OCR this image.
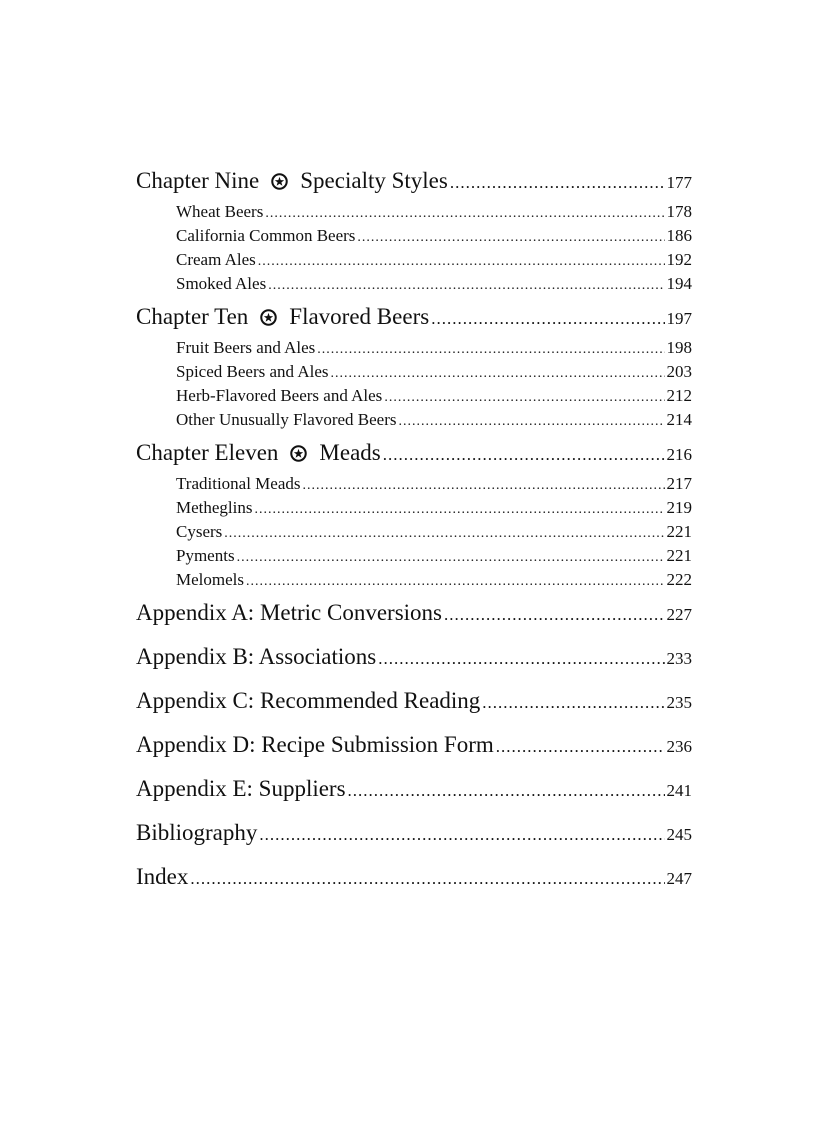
Chapter Nine Specialty Styles .....	177
Wheat Beers .....	178
California Common Beers .....	186
Cream Ales .....	192
Smoked Ales .....	194
Chapter Ten Flavored Beers .....	197
Fruit Beers and Ales .....	198
Spiced Beers and Ales .....	203
Herb-Flavored Beers and Ales .....	212
Other Unusually Flavored Beers .....	214
Chapter Eleven Meads .....	216
Traditional Meads .....	217
Metheglins .....	219
Cysers .....	221
Pyments .....	221
Melomels .....	222
Appendix A: Metric Conversions .....	227
Appendix B: Associations .....	233
Appendix C: Recommended Reading .....	235
Appendix D: Recipe Submission Form .....	236
Appendix E: Suppliers .....	241
Bibliography .....	245
Index .....	247
